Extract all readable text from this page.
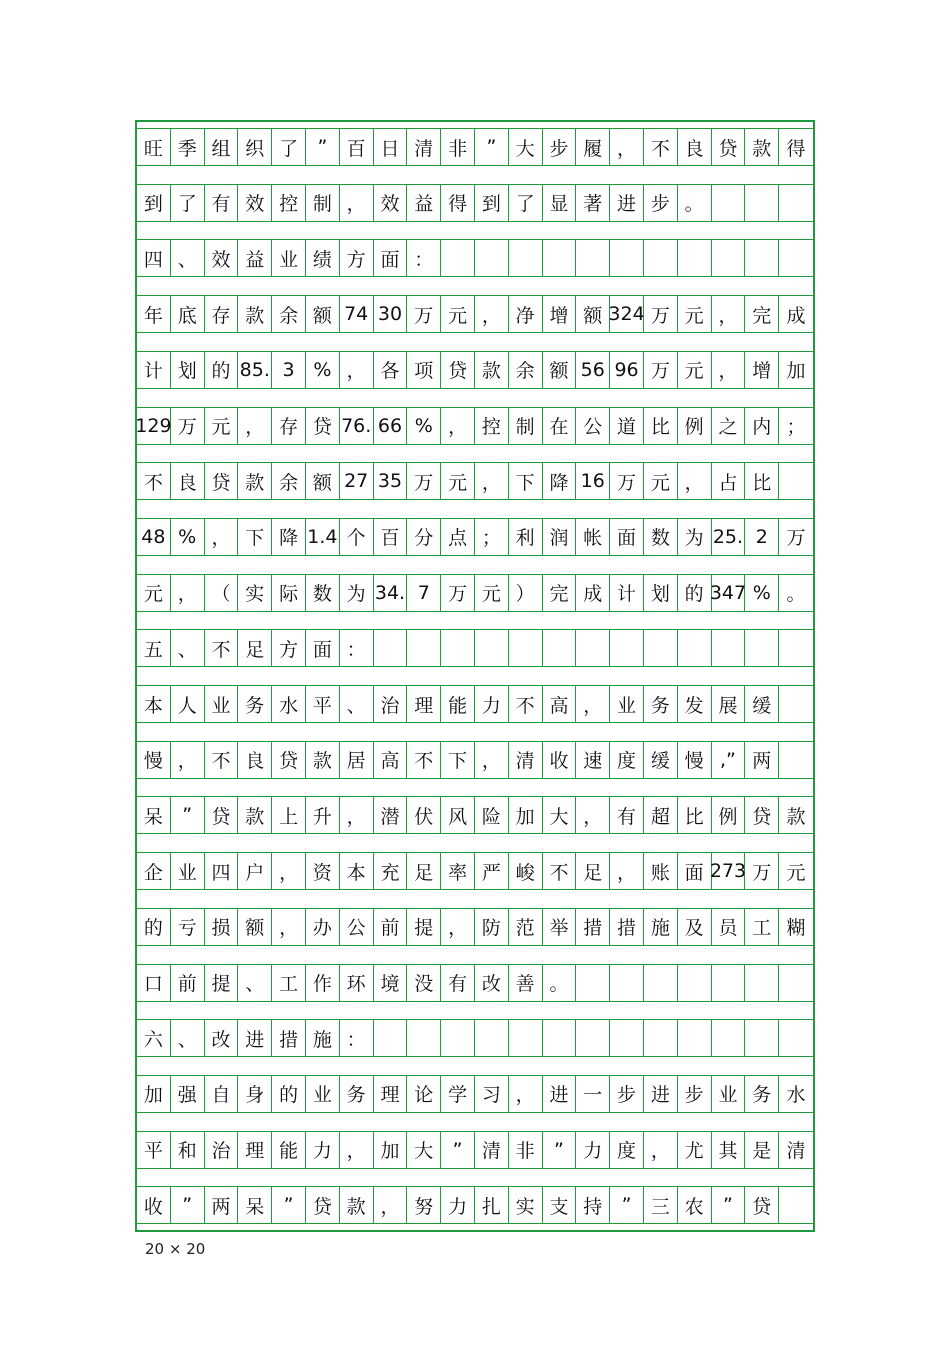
旺 季 组 织 了	”	百 日 清 非	”	大 步 履 ， 不 良 贷 款 得
到 了 有 效 控 制 ， 效 益 得 到 了 显 著 进 步 。
四 、 效 益 业 绩 方 面 ：
年 底 存 款 余 额 74 30 万 元 ， 净 增 额 324 万 元 ， 完 成
计 划 的 85. 3 % ， 各 项 贷 款 余 额 56 96 万 元 ， 增 加
129 万 元 ， 存 贷 76. 66 % ， 控 制 在 公 道 比 例 之 内 ；
不 良 贷 款 余 额 27 35 万 元 ， 下 降 16 万 元 ， 占 比
48 % ， 下 降 1.4 个 百 分 点 ； 利 润 帐 面 数 为 25. 2 万
元 ， （ 实 际 数 为 34. 7 万 元 ） 完 成 计 划 的 347 % 。
五 、 不 足 方 面 ：
本 人 业 务 水 平 、 治 理 能 力 不 高 ， 业 务 发 展 缓
慢 ， 不 良 贷 款 居 高 不 下 ， 清 收 速 度 缓 慢 ,” 两
呆	”	贷 款 上 升 ， 潜 伏 风 险 加 大 ， 有 超 比 例 贷 款
企 业 四 户 ， 资 本 充 足 率 严 峻 不 足 ， 账 面 273 万 元
的 亏 损 额 ， 办 公 前 提 ， 防 范 举 措 措 施 及 员 工 糊
口 前 提 、 工 作 环 境 没 有 改 善 。
六 、 改 进 措 施 ：
加 强 自 身 的 业 务 理 论 学 习 ， 进 一 步 进 步 业 务 水
平 和 治 理 能 力 ， 加 大	”	清 非	”	力 度 ， 尤 其 是 清
收	”	两 呆	”	贷 款 ， 努 力 扎 实 支 持	”	三 农	”	贷
20 × 20
